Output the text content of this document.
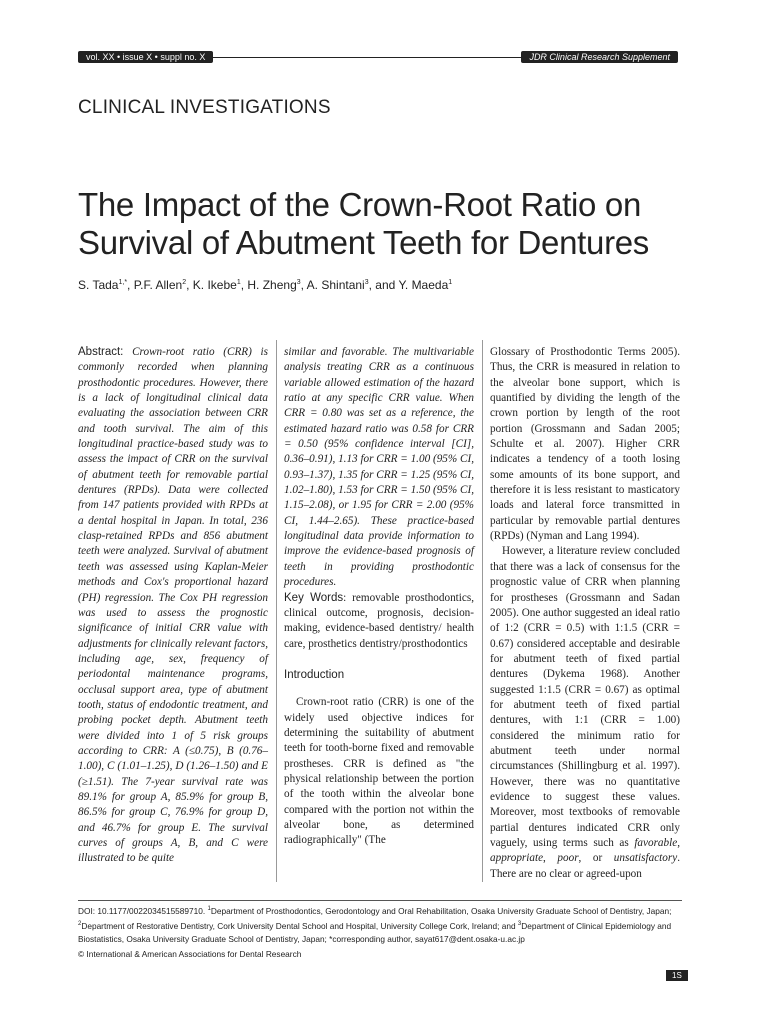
vol. XX • issue X • suppl no. X	JDR Clinical Research Supplement
CLINICAL INVESTIGATIONS
The Impact of the Crown-Root Ratio on Survival of Abutment Teeth for Dentures
S. Tada$^{1,*}$, P.F. Allen$^2$, K. Ikebe$^1$, H. Zheng$^3$, A. Shintani$^3$, and Y. Maeda$^1$

Abstract: Crown-root ratio (CRR) is commonly recorded when planning prosthodontic procedures. However, there is a lack of longitudinal clinical data evaluating the association between CRR and tooth survival. The aim of this longitudinal practice-based study was to assess the impact of CRR on the survival of abutment teeth for removable partial dentures (RPDs). Data were collected from 147 patients provided with RPDs at a dental hospital in Japan. In total, 236 clasp-retained RPDs and 856 abutment teeth were analyzed. Survival of abutment teeth was assessed using Kaplan-Meier methods and Cox's proportional hazard (PH) regression. The Cox PH regression was used to assess the prognostic significance of initial CRR value with adjustments for clinically relevant factors, including age, sex, frequency of periodontal maintenance programs, occlusal support area, type of abutment tooth, status of endodontic treatment, and probing pocket depth. Abutment teeth were divided into 1 of 5 risk groups according to CRR: A (≤0.75), B (0.76–1.00), C (1.01–1.25), D (1.26–1.50) and E (≥1.51). The 7-year survival rate was 89.1% for group A, 85.9% for group B, 86.5% for group C, 76.9% for group D, and 46.7% for group E. The survival curves of groups A, B, and C were illustrated to be quite

similar and favorable. The multivariable analysis treating CRR as a continuous variable allowed estimation of the hazard ratio at any specific CRR value. When CRR = 0.80 was set as a reference, the estimated hazard ratio was 0.58 for CRR = 0.50 (95% confidence interval [CI], 0.36–0.91), 1.13 for CRR = 1.00 (95% CI, 0.93–1.37), 1.35 for CRR = 1.25 (95% CI, 1.02–1.80), 1.53 for CRR = 1.50 (95% CI, 1.15–2.08), or 1.95 for CRR = 2.00 (95% CI, 1.44–2.65). These practice-based longitudinal data provide information to improve the evidence-based prognosis of teeth in providing prosthodontic procedures.

Key Words: removable prosthodontics, clinical outcome, prognosis, decision-making, evidence-based dentistry/ health care, prosthetics dentistry/prosthodontics

Introduction

Crown-root ratio (CRR) is one of the widely used objective indices for determining the suitability of abutment teeth for tooth-borne fixed and removable prostheses. CRR is defined as "the physical relationship between the portion of the tooth within the alveolar bone compared with the portion not within the alveolar bone, as determined radiographically" (The

Glossary of Prosthodontic Terms 2005). Thus, the CRR is measured in relation to the alveolar bone support, which is quantified by dividing the length of the crown portion by length of the root portion (Grossmann and Sadan 2005; Schulte et al. 2007). Higher CRR indicates a tendency of a tooth losing some amounts of its bone support, and therefore it is less resistant to masticatory loads and lateral force transmitted in particular by removable partial dentures (RPDs) (Nyman and Lang 1994).

However, a literature review concluded that there was a lack of consensus for the prognostic value of CRR when planning for prostheses (Grossmann and Sadan 2005). One author suggested an ideal ratio of 1:2 (CRR = 0.5) with 1:1.5 (CRR = 0.67) considered acceptable and desirable for abutment teeth of fixed partial dentures (Dykema 1968). Another suggested 1:1.5 (CRR = 0.67) as optimal for abutment teeth of fixed partial dentures, with 1:1 (CRR = 1.00) considered the minimum ratio for abutment teeth under normal circumstances (Shillingburg et al. 1997). However, there was no quantitative evidence to suggest these values. Moreover, most textbooks of removable partial dentures indicated CRR only vaguely, using terms such as favorable, appropriate, poor, or unsatisfactory. There are no clear or agreed-upon

DOI: 10.1177/0022034515589710. $^1$Department of Prosthodontics, Gerodontology and Oral Rehabilitation, Osaka University Graduate School of Dentistry, Japan;
$^2$Department of Restorative Dentistry, Cork University Dental School and Hospital, University College Cork, Ireland; and $^3$Department of Clinical Epidemiology and Biostatistics, Osaka University Graduate School of Dentistry, Japan; *corresponding author, sayat617@dent.osaka-u.ac.jp
© International & American Associations for Dental Research
1S
